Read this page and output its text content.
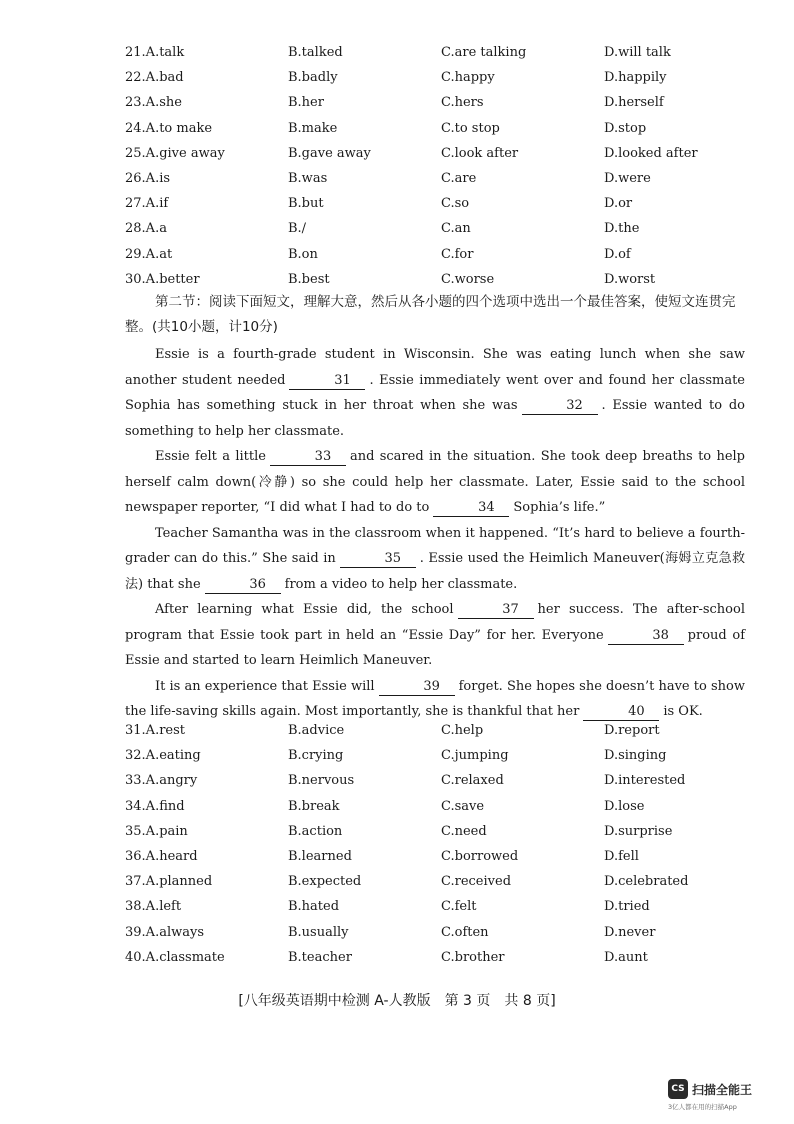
21.A.talk	B.talked	C.are talking	D.will talk
22.A.bad	B.badly	C.happy	D.happily
23.A.she	B.her	C.hers	D.herself
24.A.to make	B.make	C.to stop	D.stop
25.A.give away	B.gave away	C.look after	D.looked after
26.A.is	B.was	C.are	D.were
27.A.if	B.but	C.so	D.or
28.A.a	B./	C.an	D.the
29.A.at	B.on	C.for	D.of
30.A.better	B.best	C.worse	D.worst
第二节：阅读下面短文，理解大意，然后从各小题的四个选项中选出一个最佳答案，使短文连贯完整。(共10小题，计10分)

Essie is a fourth-grade student in Wisconsin. She was eating lunch when she saw another student needed	31 . Essie immediately went over and found her classmate Sophia has something stuck in her throat when she was	32 . Essie wanted to do something to help her classmate.

Essie felt a little	33 and scared in the situation. She took deep breaths to help herself calm down(冷静) so she could help her classmate. Later, Essie said to the school newspaper reporter, “I did what I had to do to	34 Sophia’s life.”

Teacher Samantha was in the classroom when it happened. “It’s hard to believe a fourth-grader can do this.” She said in	35 . Essie used the Heimlich Maneuver(海姆立克急救法) that she	36 from a video to help her classmate.

After learning what Essie did, the school	37 her success. The after-school program that Essie took part in held an “Essie Day” for her. Everyone	38 proud of Essie and started to learn Heimlich Maneuver.

It is an experience that Essie will	39 forget. She hopes she doesn’t have to show the life-saving skills again. Most importantly, she is thankful that her	40 is OK.

31.A.rest	B.advice	C.help	D.report
32.A.eating	B.crying	C.jumping	D.singing
33.A.angry	B.nervous	C.relaxed	D.interested
34.A.find	B.break	C.save	D.lose
35.A.pain	B.action	C.need	D.surprise
36.A.heard	B.learned	C.borrowed	D.fell
37.A.planned	B.expected	C.received	D.celebrated
38.A.left	B.hated	C.felt	D.tried
39.A.always	B.usually	C.often	D.never
40.A.classmate	B.teacher	C.brother	D.aunt
[八年级英语期中检测 A-人教版　第 3 页　共 8 页]
CS 扫描全能王
3亿人都在用的扫描App
